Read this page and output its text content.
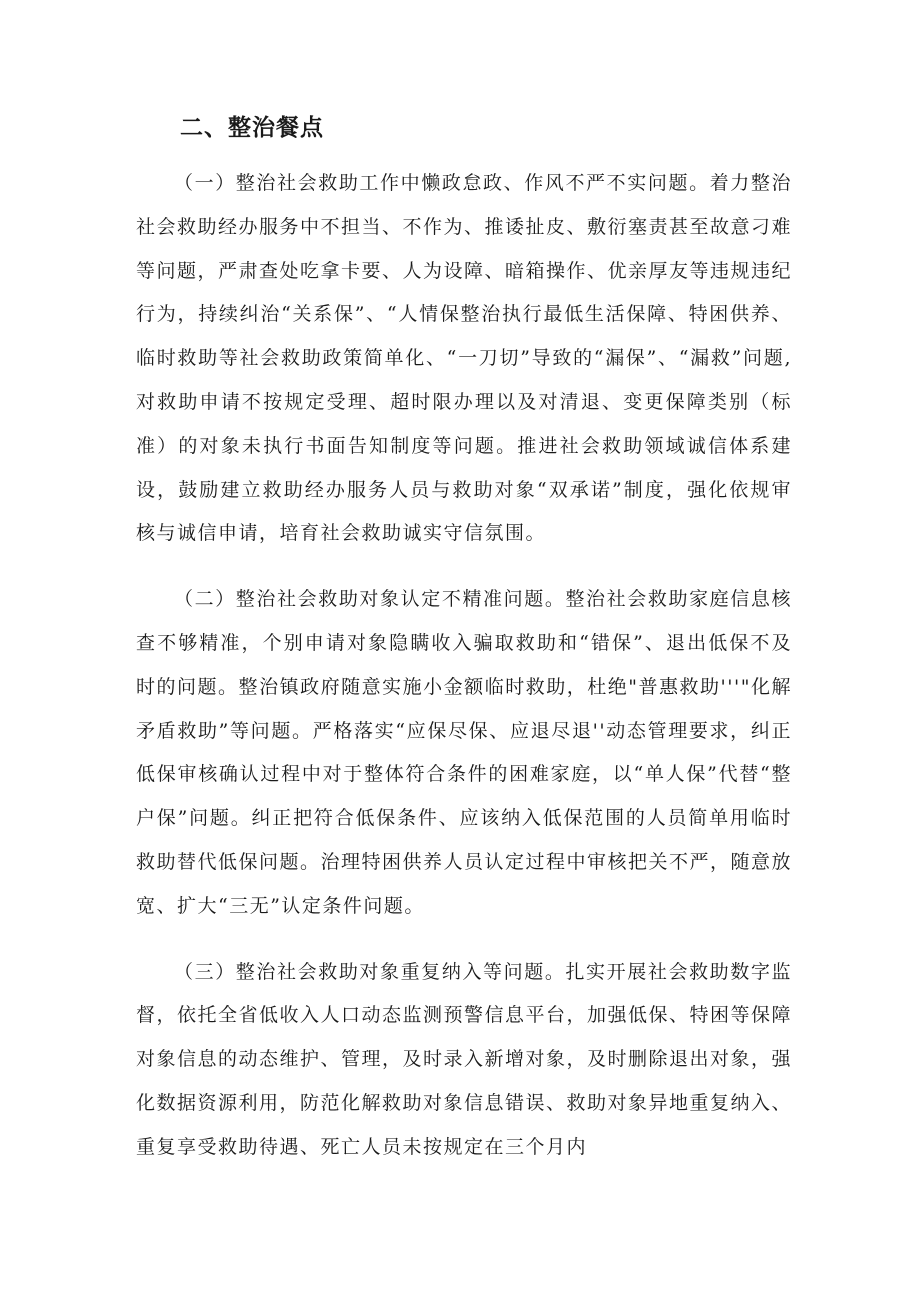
二、整治餐点

（一）整治社会救助工作中懒政怠政、作风不严不实问题。着力整治社会救助经办服务中不担当、不作为、推诿扯皮、敷衍塞责甚至故意刁难等问题，严肃查处吃拿卡要、人为设障、暗箱操作、优亲厚友等违规违纪行为，持续纠治“关系保”、“人情保整治执行最低生活保障、特困供养、临时救助等社会救助政策简单化、“一刀切”导致的“漏保”、“漏救”问题,对救助申请不按规定受理、超时限办理以及对清退、变更保障类别（标准）的对象未执行书面告知制度等问题。推进社会救助领域诚信体系建设，鼓励建立救助经办服务人员与救助对象“双承诺”制度，强化依规审核与诚信申请，培育社会救助诚实守信氛围。

（二）整治社会救助对象认定不精准问题。整治社会救助家庭信息核查不够精准，个别申请对象隐瞒收入骗取救助和“错保”、退出低保不及时的问题。整治镇政府随意实施小金额临时救助，杜绝"普惠救助'''"化解矛盾救助”等问题。严格落实“应保尽保、应退尽退''动态管理要求，纠正低保审核确认过程中对于整体符合条件的困难家庭，以“单人保”代替“整户保”问题。纠正把符合低保条件、应该纳入低保范围的人员简单用临时救助替代低保问题。治理特困供养人员认定过程中审核把关不严，随意放宽、扩大“三无”认定条件问题。

（三）整治社会救助对象重复纳入等问题。扎实开展社会救助数字监督，依托全省低收入人口动态监测预警信息平台，加强低保、特困等保障对象信息的动态维护、管理，及时录入新增对象，及时删除退出对象，强化数据资源利用，防范化解救助对象信息错误、救助对象异地重复纳入、重复享受救助待遇、死亡人员未按规定在三个月内
